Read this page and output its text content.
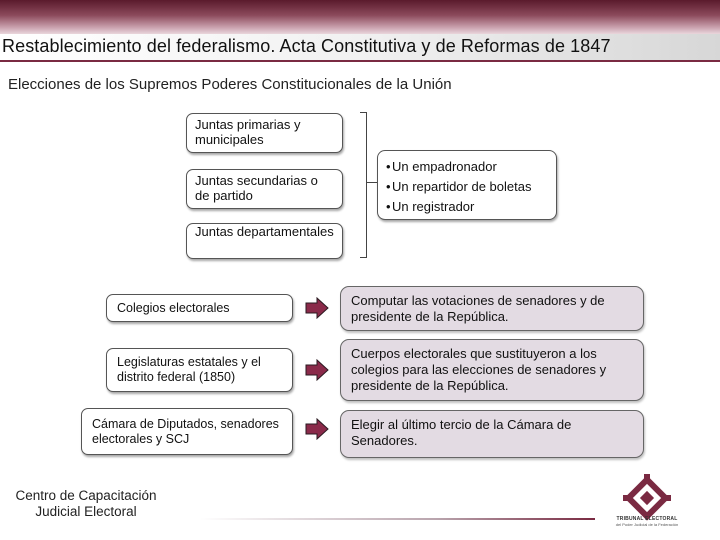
Restablecimiento del federalismo. Acta Constitutiva y de Reformas de 1847
Elecciones de los Supremos Poderes Constitucionales de la Unión
Juntas primarias y municipales
Juntas secundarias o de partido
Juntas departamentales
•Un empadronador
•Un repartidor de boletas
•Un registrador
Colegios electorales
Legislaturas estatales y el distrito federal (1850)
Cámara de Diputados, senadores electorales y SCJ
Computar las votaciones de senadores y de presidente de la República.
Cuerpos electorales que sustituyeron a los colegios para las elecciones de senadores y presidente de la República.
Elegir al último tercio de la Cámara de Senadores.
Centro de Capacitación
Judicial Electoral	TRIBUNAL ELECTORAL
del Poder Judicial de la Federación
